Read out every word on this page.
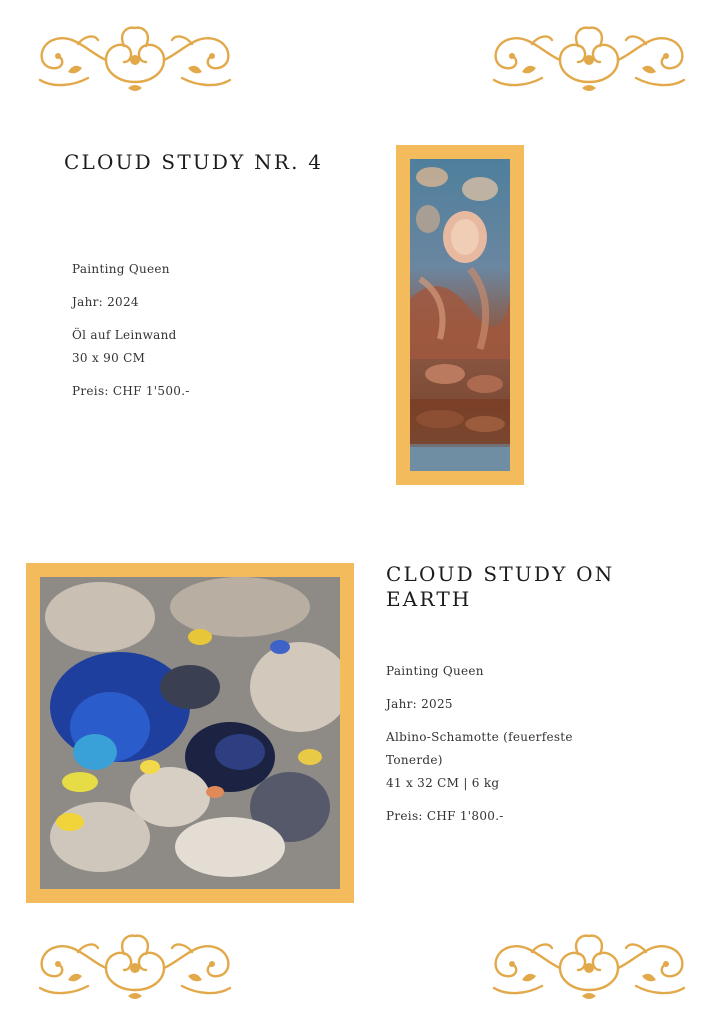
CLOUD STUDY NR. 4
Painting Queen
Jahr: 2024
Öl auf Leinwand
30 x 90 CM
Preis: CHF 1'500.-
CLOUD STUDY ON EARTH
Painting Queen
Jahr: 2025
Albino-Schamotte (feuerfeste
Tonerde)
41 x 32 CM | 6 kg
Preis: CHF 1'800.-
